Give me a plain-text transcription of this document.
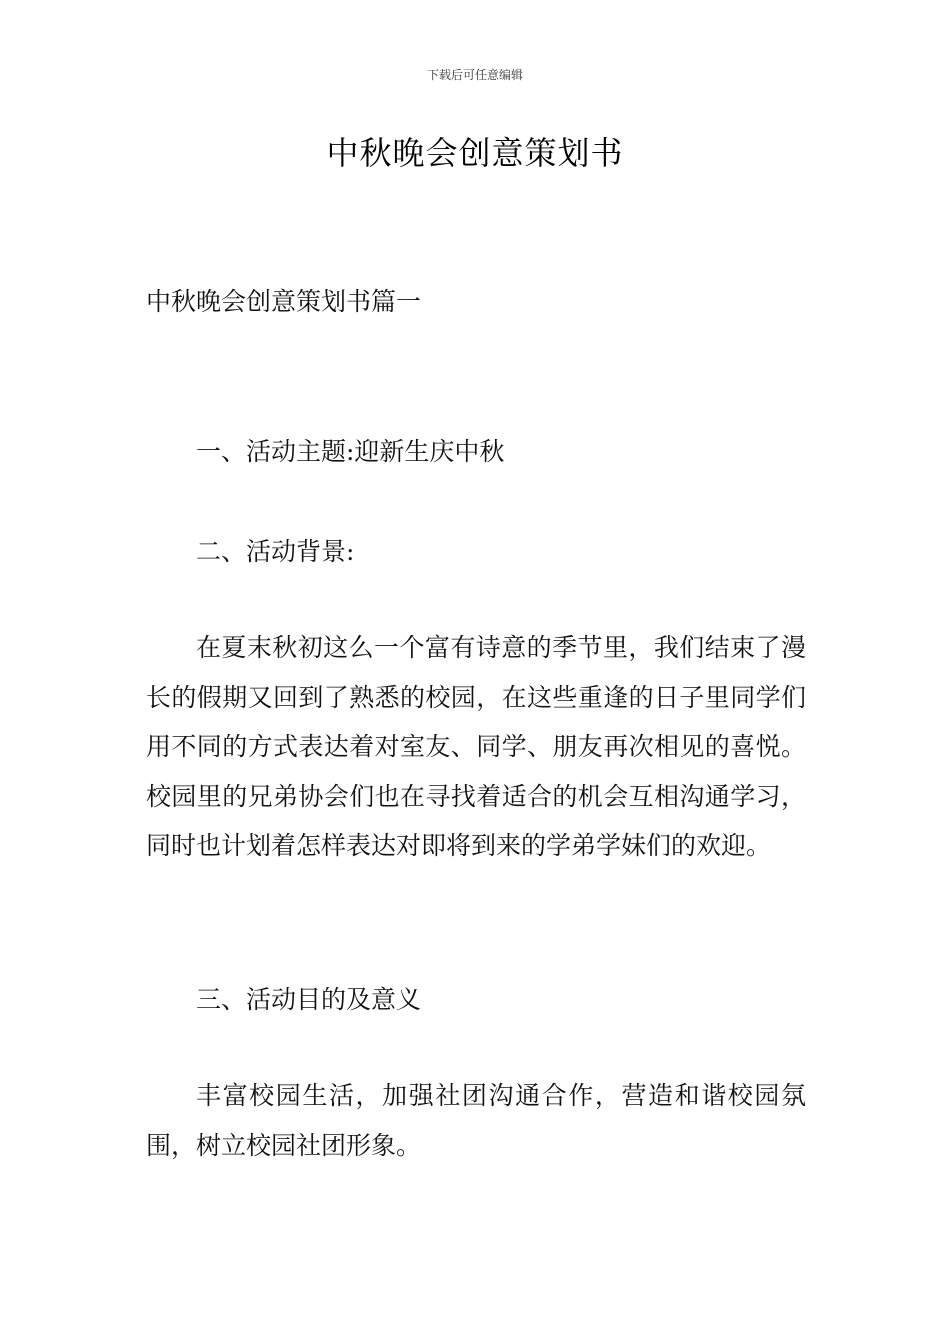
下载后可任意编辑
中秋晚会创意策划书
中秋晚会创意策划书篇一
一、活动主题:迎新生庆中秋
二、活动背景:

在夏末秋初这么一个富有诗意的季节里，我们结束了漫长的假期又回到了熟悉的校园，在这些重逢的日子里同学们用不同的方式表达着对室友、同学、朋友再次相见的喜悦。校园里的兄弟协会们也在寻找着适合的机会互相沟通学习，同时也计划着怎样表达对即将到来的学弟学妹们的欢迎。

三、活动目的及意义

丰富校园生活，加强社团沟通合作，营造和谐校园氛围，树立校园社团形象。
